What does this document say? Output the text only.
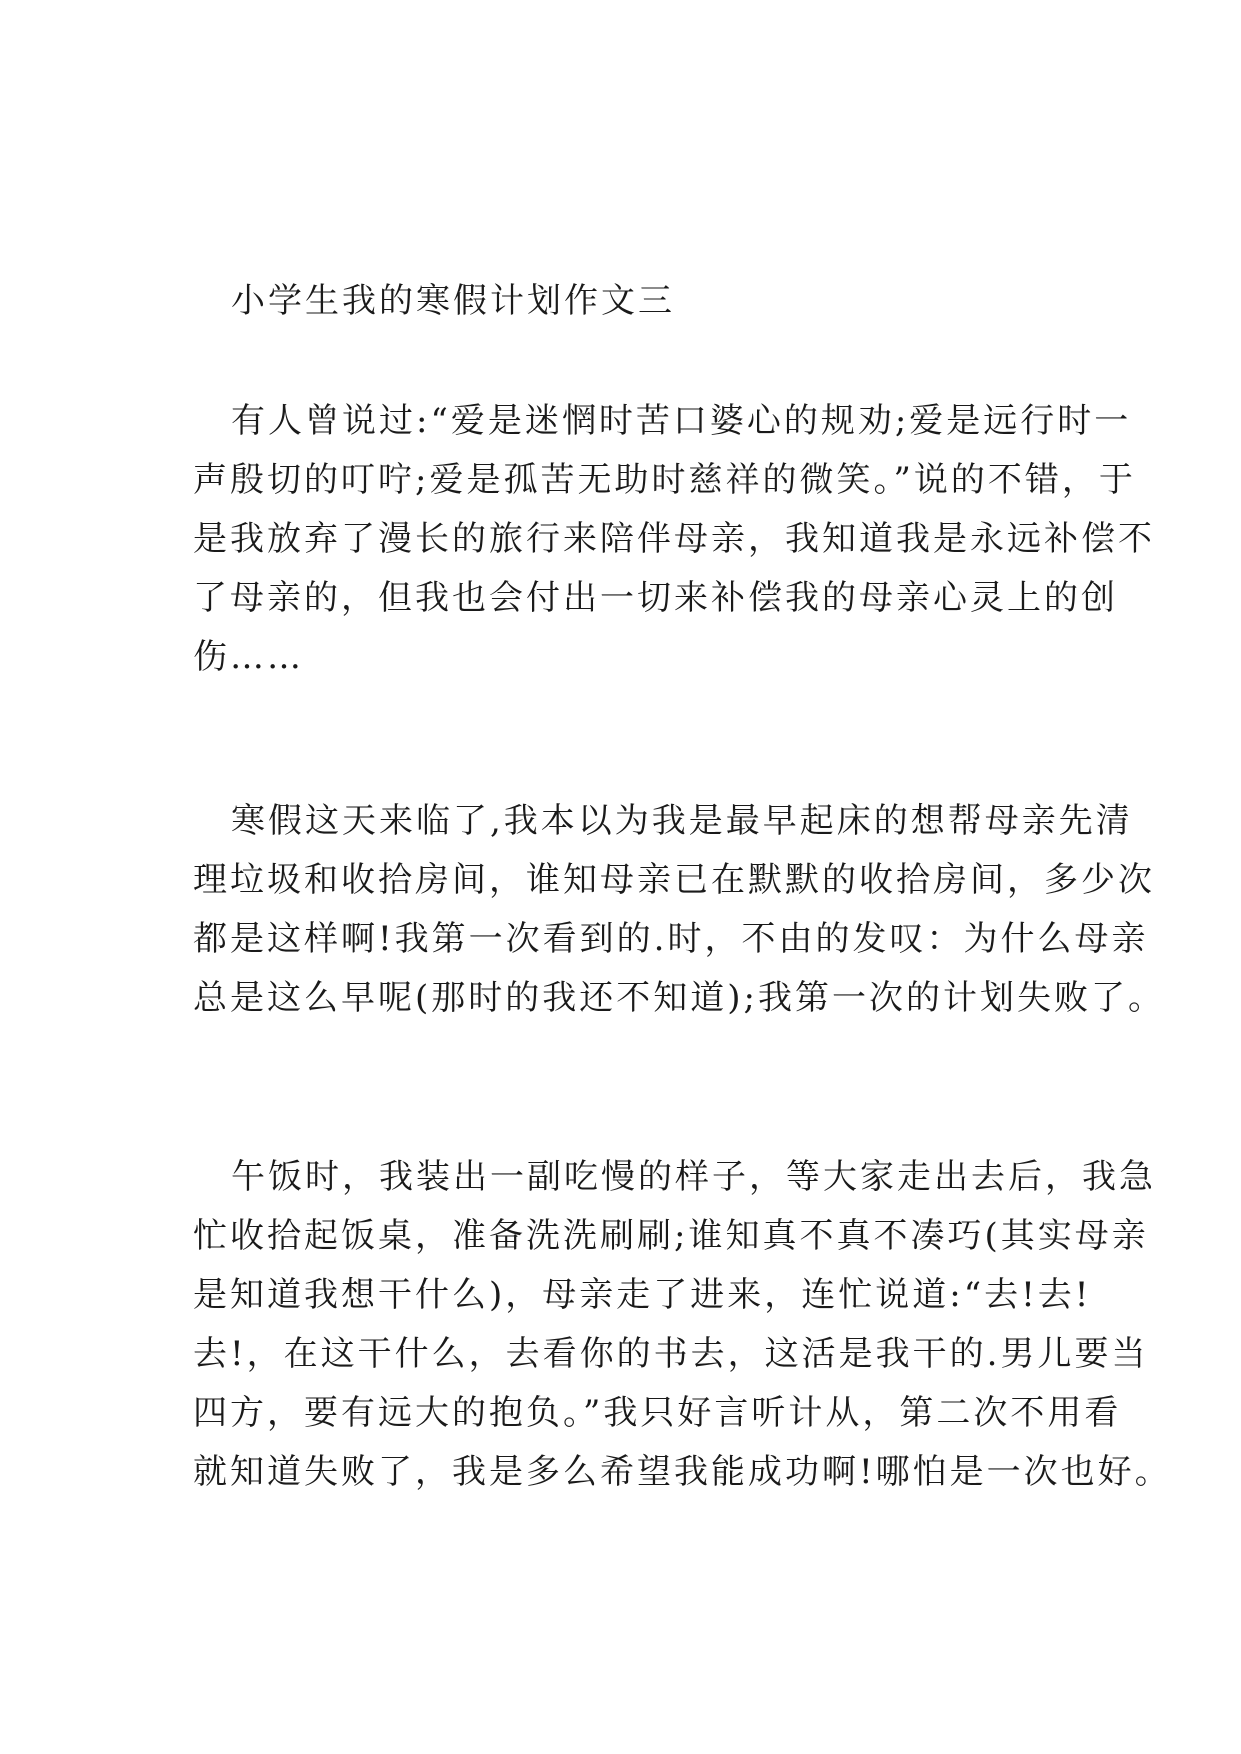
小学生我的寒假计划作文三
有人曾说过:“爱是迷惘时苦口婆心的规劝;爱是远行时一
声殷切的叮咛;爱是孤苦无助时慈祥的微笑。”说的不错，于
是我放弃了漫长的旅行来陪伴母亲，我知道我是永远补偿不
了母亲的，但我也会付出一切来补偿我的母亲心灵上的创
伤……
寒假这天来临了,我本以为我是最早起床的想帮母亲先清
理垃圾和收拾房间，谁知母亲已在默默的收拾房间，多少次
都是这样啊!我第一次看到的.时，不由的发叹：为什么母亲
总是这么早呢(那时的我还不知道);我第一次的计划失败了。
午饭时，我装出一副吃慢的样子，等大家走出去后，我急
忙收拾起饭桌，准备洗洗刷刷;谁知真不真不凑巧(其实母亲
是知道我想干什么)，母亲走了进来，连忙说道:“去!去!
去!，在这干什么，去看你的书去，这活是我干的.男儿要当
四方，要有远大的抱负。”我只好言听计从，第二次不用看
就知道失败了，我是多么希望我能成功啊!哪怕是一次也好。
